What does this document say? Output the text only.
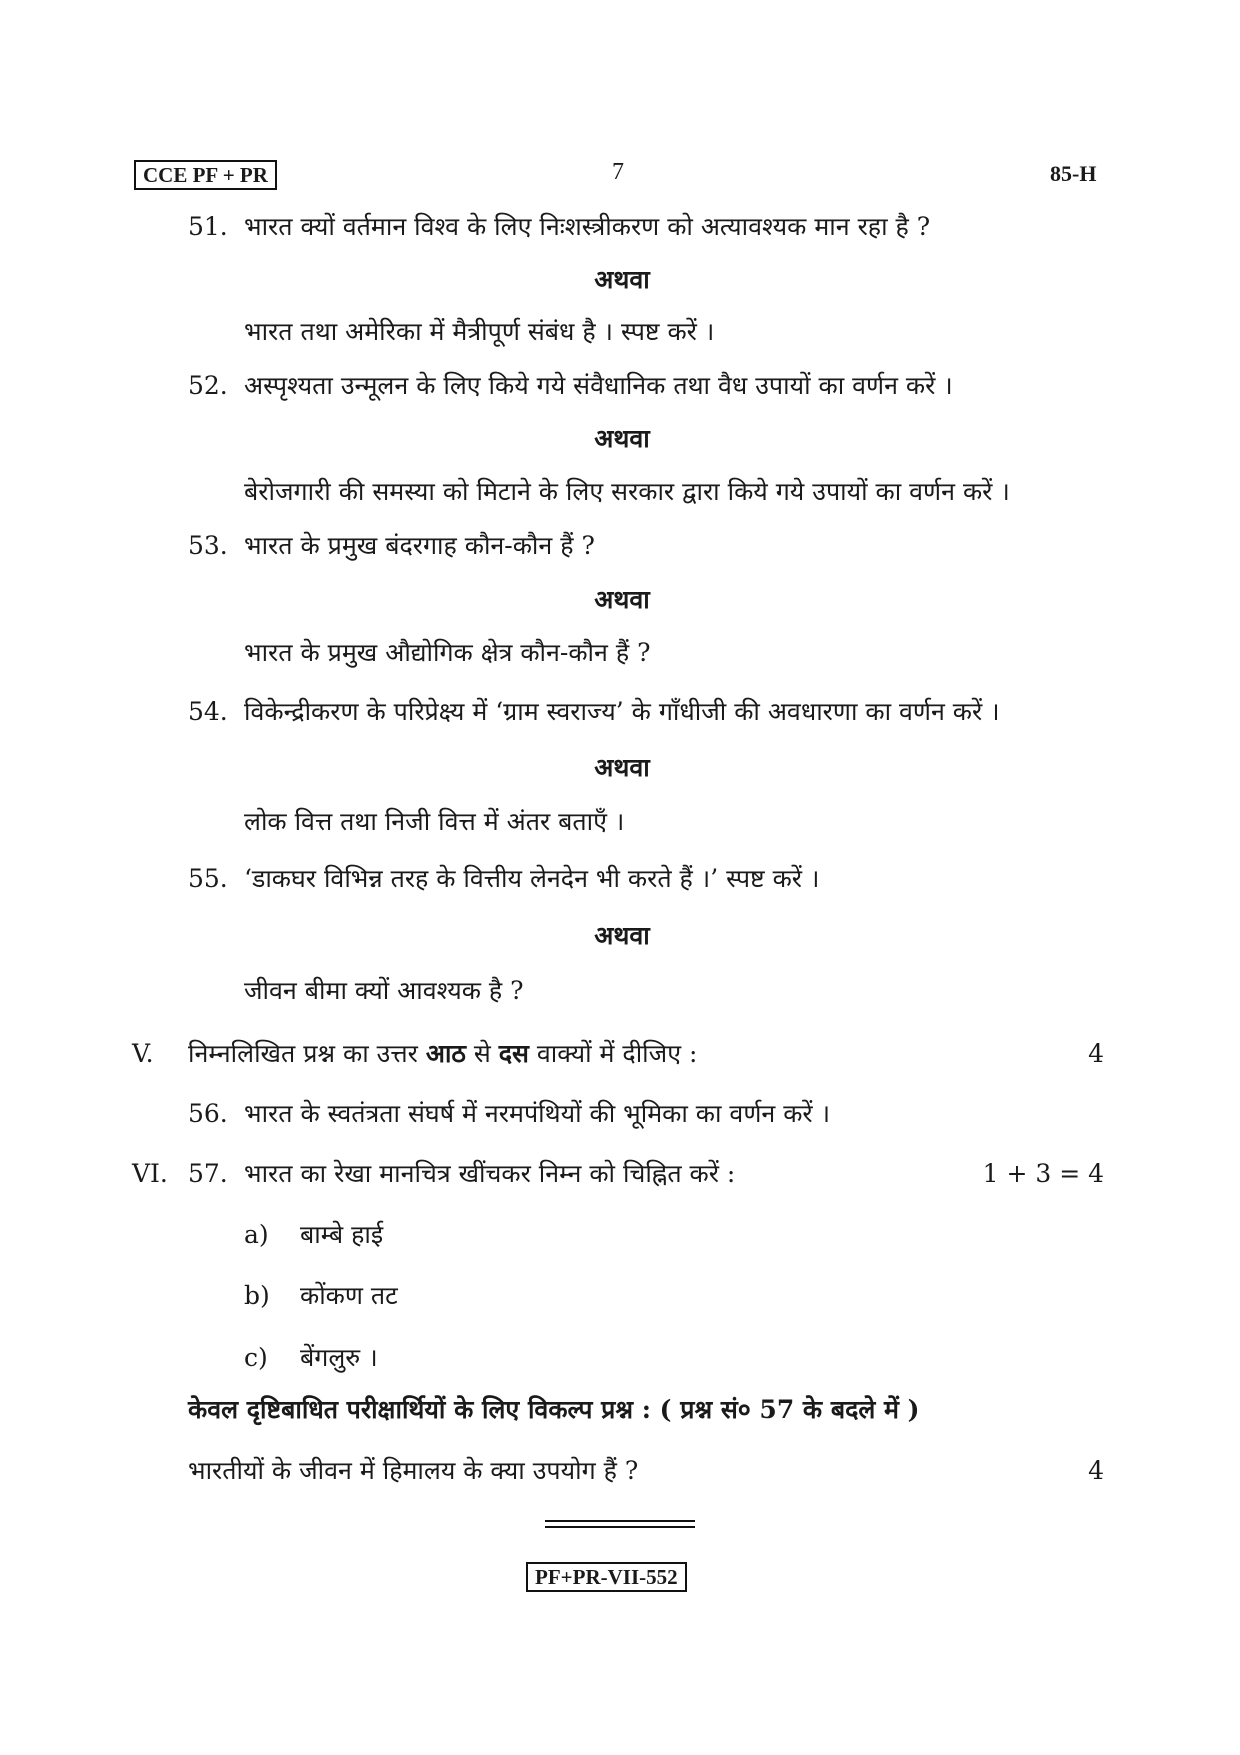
CCE PF + PR	7	85-H
51. भारत क्यों वर्तमान विश्व के लिए निःशस्त्रीकरण को अत्यावश्यक मान रहा है ?
अथवा
भारत तथा अमेरिका में मैत्रीपूर्ण संबंध है । स्पष्ट करें ।
52. अस्पृश्यता उन्मूलन के लिए किये गये संवैधानिक तथा वैध उपायों का वर्णन करें ।
अथवा
बेरोजगारी की समस्या को मिटाने के लिए सरकार द्वारा किये गये उपायों का वर्णन करें ।
53. भारत के प्रमुख बंदरगाह कौन-कौन हैं ?
अथवा
भारत के प्रमुख औद्योगिक क्षेत्र कौन-कौन हैं ?
54. विकेन्द्रीकरण के परिप्रेक्ष्य में ‘ग्राम स्वराज्य’ के गाँधीजी की अवधारणा का वर्णन करें ।
अथवा
लोक वित्त तथा निजी वित्त में अंतर बताएँ ।
55. ‘डाकघर विभिन्न तरह के वित्तीय लेनदेन भी करते हैं ।’ स्पष्ट करें ।
अथवा
जीवन बीमा क्यों आवश्यक है ?
V. निम्नलिखित प्रश्न का उत्तर आठ से दस वाक्यों में दीजिए :	4
56. भारत के स्वतंत्रता संघर्ष में नरमपंथियों की भूमिका का वर्णन करें ।
VI. 57. भारत का रेखा मानचित्र खींचकर निम्न को चिह्नित करें :	1 + 3 = 4
a) बाम्बे हाई
b) कोंकण तट
c) बेंगलुरु ।
केवल दृष्टिबाधित परीक्षार्थियों के लिए विकल्प प्रश्न : ( प्रश्न सं० 57 के बदले में )
भारतीयों के जीवन में हिमालय के क्या उपयोग हैं ?	4
PF+PR-VII-552
